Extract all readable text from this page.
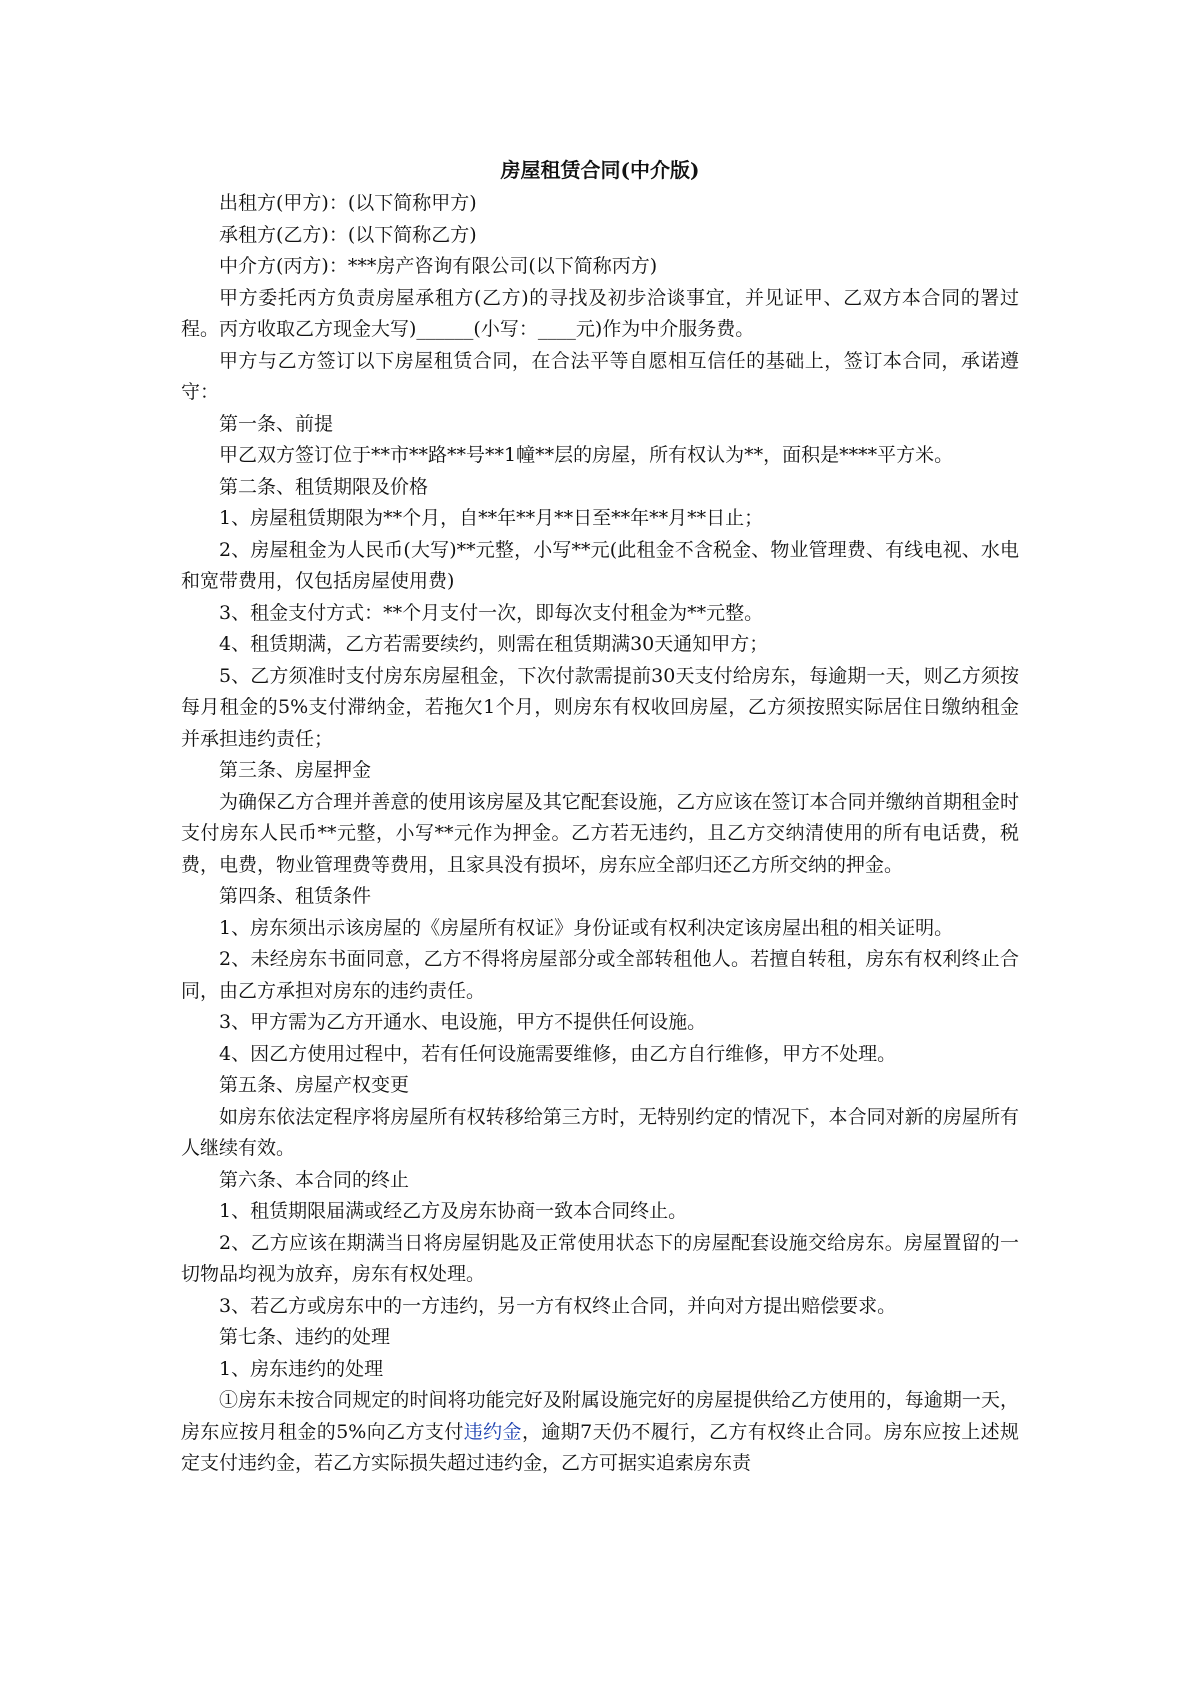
房屋租赁合同(中介版)

出租方(甲方)：(以下简称甲方)

承租方(乙方)：(以下简称乙方)

中介方(丙方)：***房产咨询有限公司(以下简称丙方)

甲方委托丙方负责房屋承租方(乙方)的寻找及初步洽谈事宜，并见证甲、乙双方本合同的署过程。丙方收取乙方现金大写)______(小写：____元)作为中介服务费。

甲方与乙方签订以下房屋租赁合同，在合法平等自愿相互信任的基础上，签订本合同，承诺遵守：

第一条、前提

甲乙双方签订位于**市**路**号**1幢**层的房屋，所有权认为**，面积是****平方米。

第二条、租赁期限及价格

1、房屋租赁期限为**个月，自**年**月**日至**年**月**日止；

2、房屋租金为人民币(大写)**元整，小写**元(此租金不含税金、物业管理费、有线电视、水电和宽带费用，仅包括房屋使用费)

3、租金支付方式：**个月支付一次，即每次支付租金为**元整。

4、租赁期满，乙方若需要续约，则需在租赁期满30天通知甲方；

5、乙方须准时支付房东房屋租金，下次付款需提前30天支付给房东，每逾期一天，则乙方须按每月租金的5%支付滞纳金，若拖欠1个月，则房东有权收回房屋，乙方须按照实际居住日缴纳租金并承担违约责任；

第三条、房屋押金

为确保乙方合理并善意的使用该房屋及其它配套设施，乙方应该在签订本合同并缴纳首期租金时支付房东人民币**元整，小写**元作为押金。乙方若无违约，且乙方交纳清使用的所有电话费，税费，电费，物业管理费等费用，且家具没有损坏，房东应全部归还乙方所交纳的押金。

第四条、租赁条件

1、房东须出示该房屋的《房屋所有权证》身份证或有权利决定该房屋出租的相关证明。

2、未经房东书面同意，乙方不得将房屋部分或全部转租他人。若擅自转租，房东有权利终止合同，由乙方承担对房东的违约责任。

3、甲方需为乙方开通水、电设施，甲方不提供任何设施。

4、因乙方使用过程中，若有任何设施需要维修，由乙方自行维修，甲方不处理。

第五条、房屋产权变更

如房东依法定程序将房屋所有权转移给第三方时，无特别约定的情况下，本合同对新的房屋所有人继续有效。

第六条、本合同的终止

1、租赁期限届满或经乙方及房东协商一致本合同终止。

2、乙方应该在期满当日将房屋钥匙及正常使用状态下的房屋配套设施交给房东。房屋置留的一切物品均视为放弃，房东有权处理。

3、若乙方或房东中的一方违约，另一方有权终止合同，并向对方提出赔偿要求。

第七条、违约的处理

1、房东违约的处理

①房东未按合同规定的时间将功能完好及附属设施完好的房屋提供给乙方使用的，每逾期一天，房东应按月租金的5%向乙方支付违约金，逾期7天仍不履行，乙方有权终止合同。房东应按上述规定支付违约金，若乙方实际损失超过违约金，乙方可据实追索房东责
